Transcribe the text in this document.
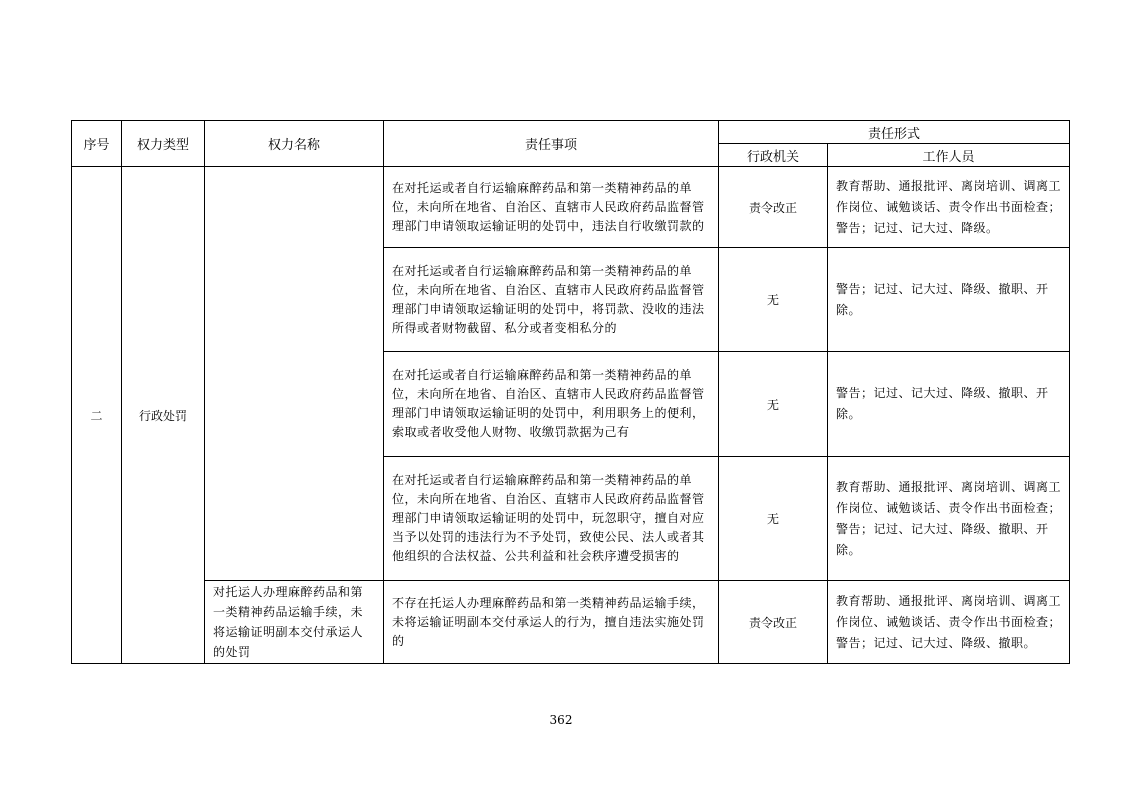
序号	权力类型	权力名称	责任事项	责任形式	
				行政机关	工作人员
二	行政处罚		在对托运或者自行运输麻醉药品和第一类精神药品的单位，未向所在地省、自治区、直辖市人民政府药品监督管理部门申请领取运输证明的处罚中，违法自行收缴罚款的	责令改正	教育帮助、通报批评、离岗培训、调离工作岗位、诫勉谈话、责令作出书面检查；警告；记过、记大过、降级。
			在对托运或者自行运输麻醉药品和第一类精神药品的单位，未向所在地省、自治区、直辖市人民政府药品监督管理部门申请领取运输证明的处罚中，将罚款、没收的违法所得或者财物截留、私分或者变相私分的	无	警告；记过、记大过、降级、撤职、开除。
			在对托运或者自行运输麻醉药品和第一类精神药品的单位，未向所在地省、自治区、直辖市人民政府药品监督管理部门申请领取运输证明的处罚中，利用职务上的便利，索取或者收受他人财物、收缴罚款据为己有	无	警告；记过、记大过、降级、撤职、开除。
			在对托运或者自行运输麻醉药品和第一类精神药品的单位，未向所在地省、自治区、直辖市人民政府药品监督管理部门申请领取运输证明的处罚中，玩忽职守，擅自对应当予以处罚的违法行为不予处罚，致使公民、法人或者其他组织的合法权益、公共利益和社会秩序遭受损害的	无	教育帮助、通报批评、离岗培训、调离工作岗位、诫勉谈话、责令作出书面检查；警告；记过、记大过、降级、撤职、开除。
		对托运人办理麻醉药品和第一类精神药品运输手续，未将运输证明副本交付承运人的处罚	不存在托运人办理麻醉药品和第一类精神药品运输手续，未将运输证明副本交付承运人的行为，擅自违法实施处罚的	责令改正	教育帮助、通报批评、离岗培训、调离工作岗位、诫勉谈话、责令作出书面检查；警告；记过、记大过、降级、撤职。
362
